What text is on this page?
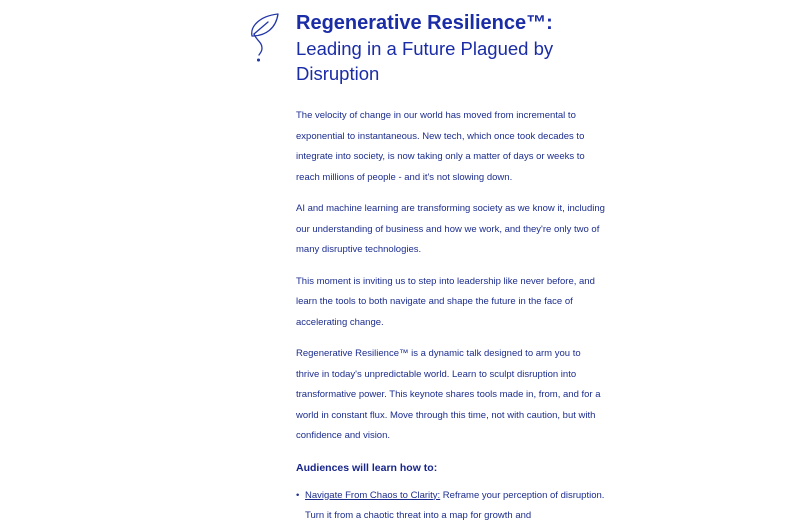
Regenerative Resilience™:

Leading in a Future Plagued by Disruption

The velocity of change in our world has moved from incremental to exponential to instantaneous. New tech, which once took decades to integrate into society, is now taking only a matter of days or weeks to reach millions of people - and it's not slowing down.

AI and machine learning are transforming society as we know it, including our understanding of business and how we work, and they're only two of many disruptive technologies.

This moment is inviting us to step into leadership like never before, and learn the tools to both navigate and shape the future in the face of accelerating change.

Regenerative Resilience™ is a dynamic talk designed to arm you to thrive in today's unpredictable world. Learn to sculpt disruption into transformative power. This keynote shares tools made in, from, and for a world in constant flux. Move through this time, not with caution, but with confidence and vision.

Audiences will learn how to:
• Navigate From Chaos to Clarity: Reframe your perception of disruption. Turn it from a chaotic threat into a map for growth and
